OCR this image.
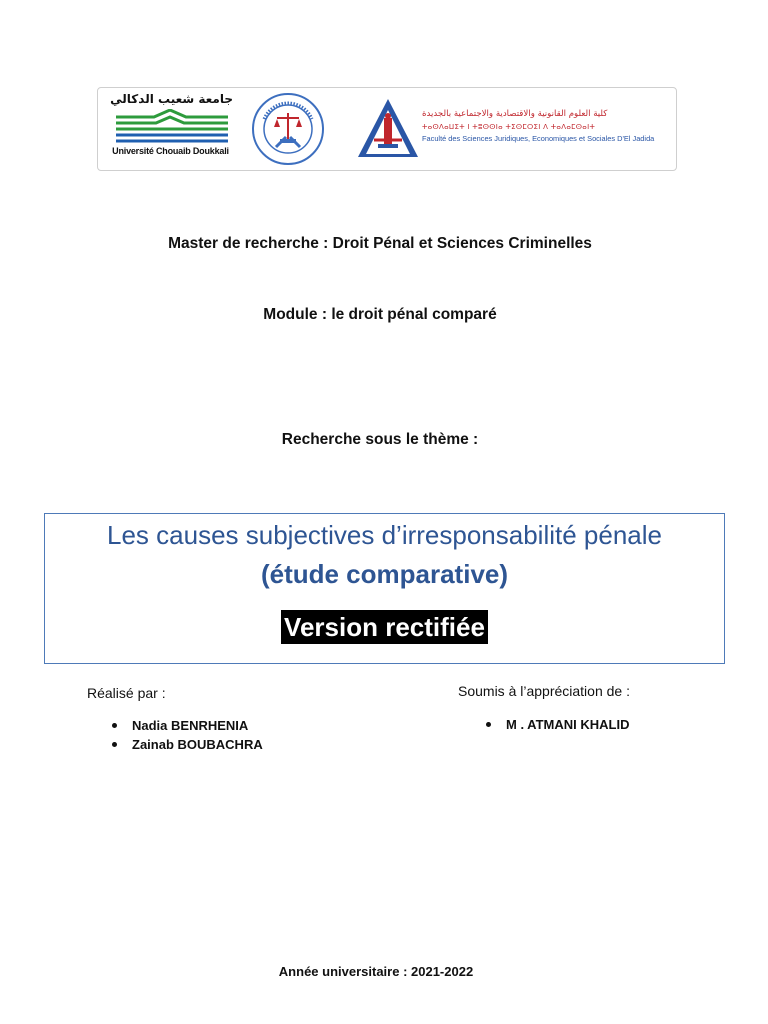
جامعة شعيب الدكالي
Université Chouaib Doukkali
كلية العلوم القانونية والاقتصادية والاجتماعية بالجديدة
ⵜⴰⵙⴷⴰⵡⵉⵜ ⵏ ⵜⵓⵙⵙⵏⴰ ⵜⵉⵙⵎⵔⵉⵏ ⴷ ⵜⴰⴷⴰⵎⵙⴰⵏⵜ
Faculté des Sciences Juridiques, Economiques et Sociales D'El Jadida
Master de recherche : Droit Pénal et Sciences Criminelles
Module : le droit pénal comparé
Recherche sous le thème :
Les causes subjectives d’irresponsabilité pénale
(étude comparative)
Version rectifiée
Réalisé par :
Nadia BENRHENIA
Zainab BOUBACHRA
Soumis à l’appréciation de :
M . ATMANI KHALID
Année universitaire : 2021-2022
